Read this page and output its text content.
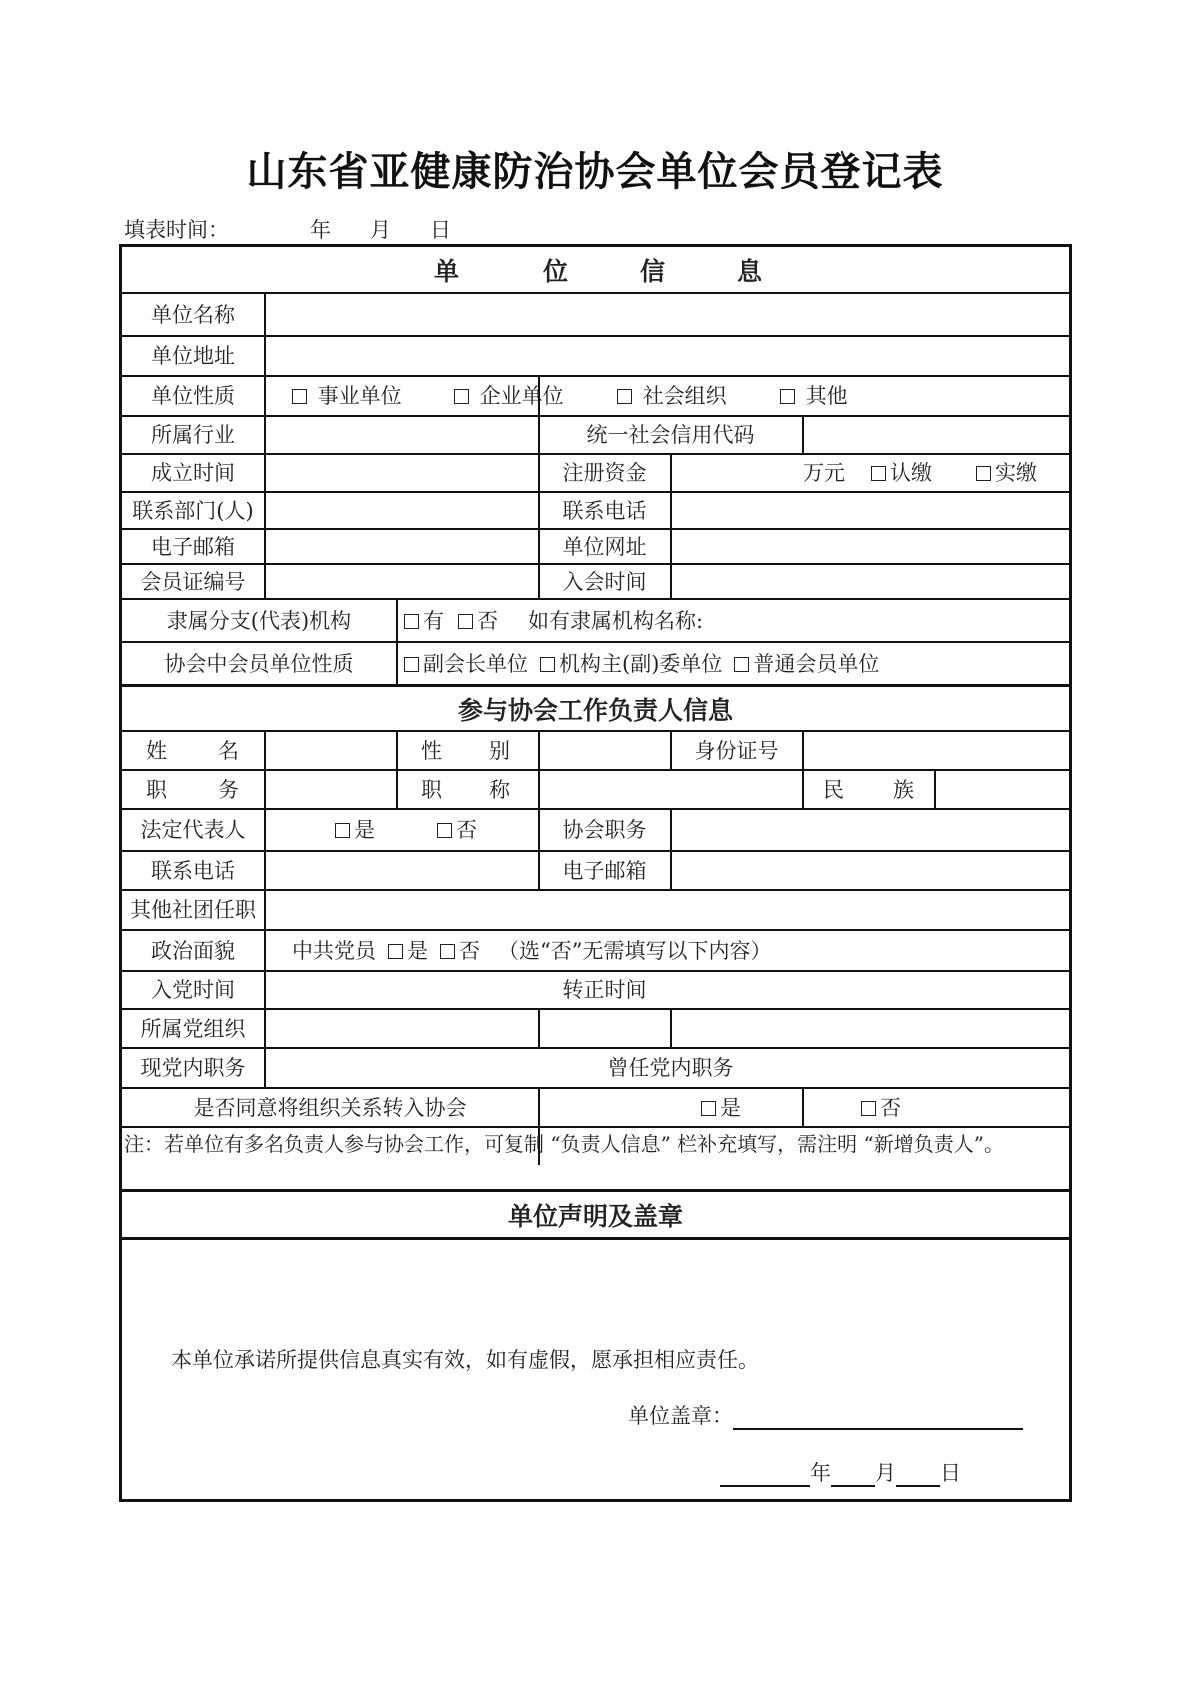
山东省亚健康防治协会单位会员登记表
填表时间：	年 月 日
单	位	信	息
单位名称
单位地址
单位性质	事业单位	企业单位	社会组织	其他
所属行业	统一社会信用代码
成立时间	注册资金	万元	认缴	实缴
联系部门(人)	联系电话
电子邮箱	单位网址
会员证编号	入会时间
隶属分支(代表)机构	有	否 如有隶属机构名称:
协会中会员单位性质	副会长单位	机构主(副)委单位	普通会员单位
参与协会工作负责人信息
姓 名	性 别	身份证号
职 务	职 称	民 族
法定代表人	是	否	协会职务
联系电话	电子邮箱
其他社团任职
政治面貌	中共党员	是	否 （选“否”无需填写以下内容）
入党时间	转正时间
所属党组织
现党内职务	曾任党内职务
是否同意将组织关系转入协会	是	否
注：若单位有多名负责人参与协会工作，可复制 “负责人信息” 栏补充填写，需注明 “新增负责人”。
单位声明及盖章
本单位承诺所提供信息真实有效，如有虚假，愿承担相应责任。
单位盖章：
年 月 日
